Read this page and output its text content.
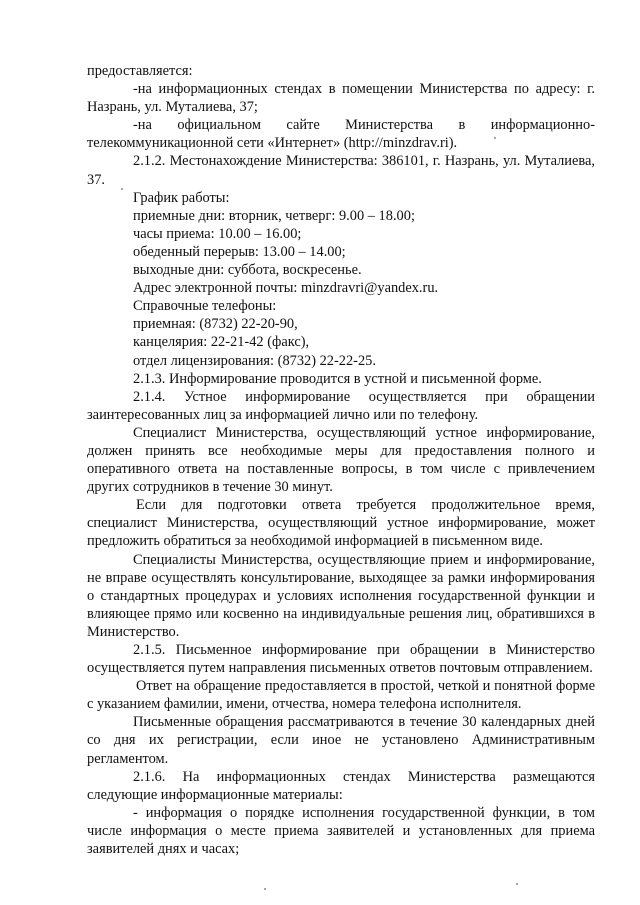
предоставляется:

-на информационных стендах в помещении Министерства по адресу: г. Назрань, ул. Муталиева, 37;

-на официальном сайте Министерства в информационно-телекоммуникационной сети «Интернет» (http://minzdrav.ri).

2.1.2. Местонахождение Министерства: 386101, г. Назрань, ул. Муталиева, 37.

График работы:
приемные дни: вторник, четверг: 9.00 – 18.00;
часы приема: 10.00 – 16.00;
обеденный перерыв: 13.00 – 14.00;
выходные дни: суббота, воскресенье.
Адрес электронной почты: minzdravri@yandex.ru.
Справочные телефоны:
приемная: (8732) 22-20-90,
канцелярия: 22-21-42 (факс),
отдел лицензирования: (8732) 22-22-25.

2.1.3. Информирование проводится в устной и письменной форме.

2.1.4. Устное информирование осуществляется при обращении заинтересованных лиц за информацией лично или по телефону.

Специалист Министерства, осуществляющий устное информирование, должен принять все необходимые меры для предоставления полного и оперативного ответа на поставленные вопросы, в том числе с привлечением других сотрудников в течение 30 минут.

Если для подготовки ответа требуется продолжительное время, специалист Министерства, осуществляющий устное информирование, может предложить обратиться за необходимой информацией в письменном виде.

Специалисты Министерства, осуществляющие прием и информирование, не вправе осуществлять консультирование, выходящее за рамки информирования о стандартных процедурах и условиях исполнения государственной функции и влияющее прямо или косвенно на индивидуальные решения лиц, обратившихся в Министерство.

2.1.5. Письменное информирование при обращении в Министерство осуществляется путем направления письменных ответов почтовым отправлением.

Ответ на обращение предоставляется в простой, четкой и понятной форме с указанием фамилии, имени, отчества, номера телефона исполнителя.

Письменные обращения рассматриваются в течение 30 календарных дней со дня их регистрации, если иное не установлено Административным регламентом.

2.1.6. На информационных стендах Министерства размещаются следующие информационные материалы:

- информация о порядке исполнения государственной функции, в том числе информация о месте приема заявителей и установленных для приема заявителей днях и часах;
